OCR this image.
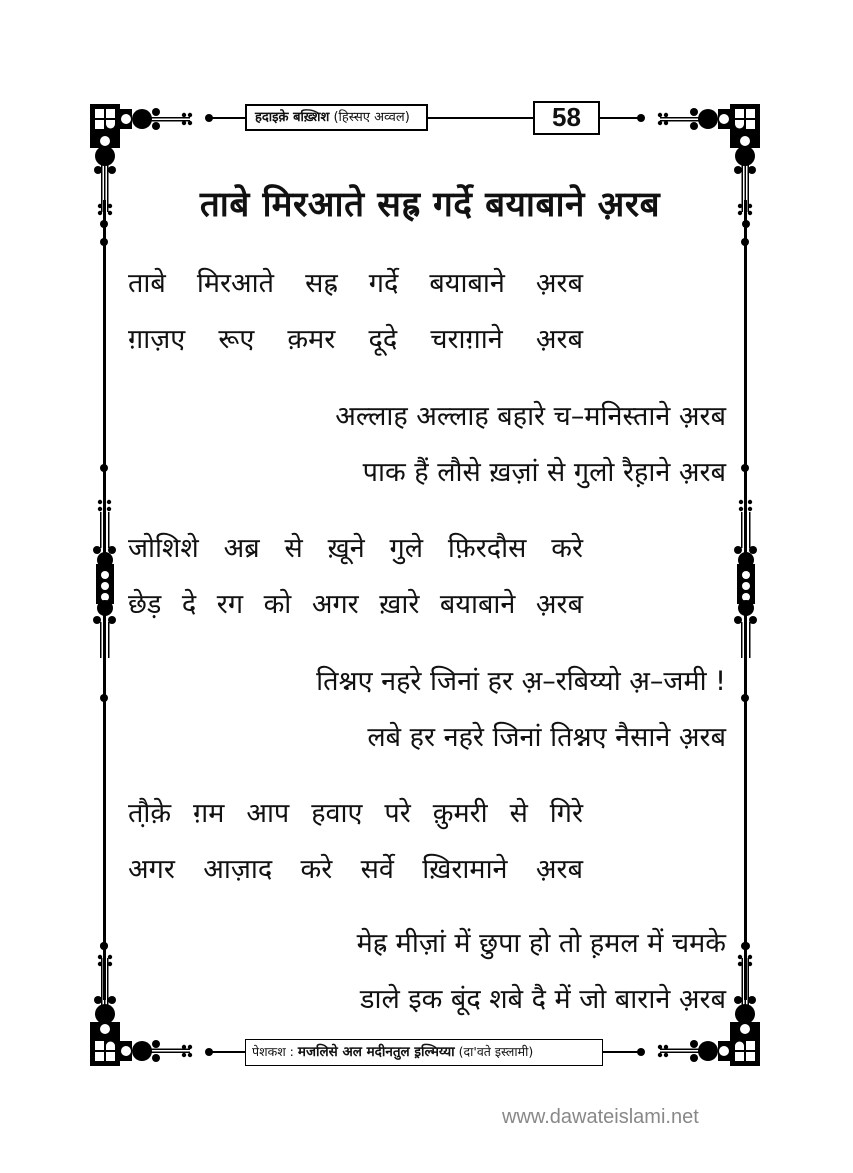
हदाइक़े बख़्शिश (हिस्सए अव्वल)	58
ताबे मिरआते सह्र गर्दे बयाबाने अ़रब
ताबे मिरआते सह्र गर्दे बयाबाने अ़रब
ग़ाज़ए रूए क़मर दूदे चराग़ाने अ़रब
अल्लाह अल्लाह बहारे च–मनिस्ताने अ़रब
पाक हैं लौसे ख़ज़ां से गुलो रैह़ाने अ़रब
जोशिशे अब्र से ख़ूने गुले फ़िरदौस करे
छेड़ दे रग को अगर ख़ारे बयाबाने अ़रब
तिश्नए नहरे जिनां हर अ़–रबिय्यो अ़–जमी !
लबे हर नहरे जिनां तिश्नए नैसाने अ़रब
तौ़क़े ग़म आप हवाए परे क़ुमरी से गिरे
अगर आज़ाद करे सर्वे ख़िरामाने अ़रब
मेह्र मीज़ां में छुपा हो तो ह़मल में चमके
डाले इक बूंद शबे दै में जो बाराने अ़रब
पेशकश : मजलिसे अल मदीनतुल इ़ल्मिय्या (दा'वते इस्लामी)
www.dawateislami.net
